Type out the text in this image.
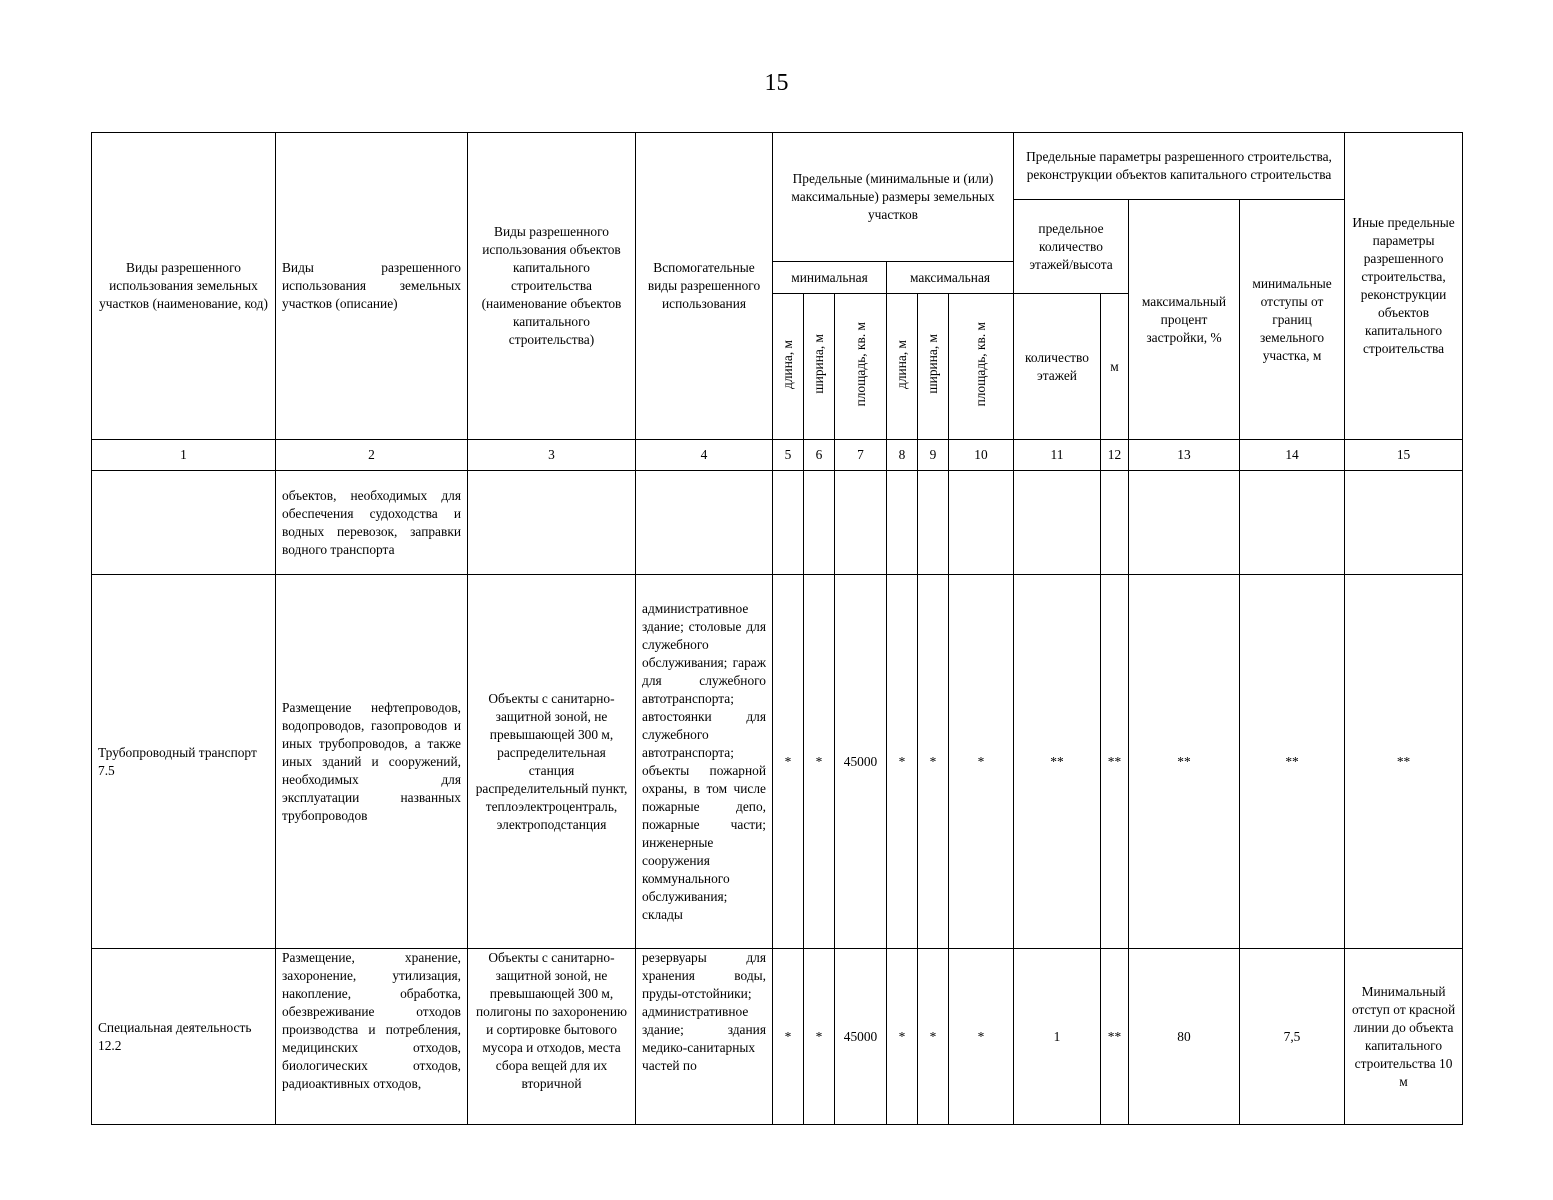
15
Виды разрешенного использования земельных участков (наименование, код)	Виды разрешенного использования земельных участков (описание)	Виды разрешенного использования объектов капитального строительства (наименование объектов капитального строительства)	Вспомогательные виды разрешенного использования	Предельные (минимальные и (или) максимальные) размеры земельных участков						Предельные параметры разрешенного строительства, реконструкции объектов капитального строительства				Иные предельные параметры разрешенного строительства, реконструкции объектов капитального строительства
										предельное количество этажей/высота		максимальный процент застройки, %	минимальные отступы от границ земельного участка, м	
				минимальная			максимальная							
				длина, м	ширина, м	площадь, кв. м	длина, м	ширина, м	площадь, кв. м	количество этажей	м			
1	2	3	4	5	6	7	8	9	10	11	12	13	14	15
	объектов, необходимых для обеспечения судоходства и водных перевозок, заправки водного транспорта													
Трубопроводный транспорт 7.5	Размещение нефтепроводов, водопроводов, газопроводов и иных трубопроводов, а также иных зданий и сооружений, необходимых для эксплуатации названных трубопроводов	Объекты с санитарно-защитной зоной, не превышающей 300 м, распределительная станция распределительный пункт, теплоэлектроцентраль, электроподстанция	административное здание; столовые для служебного обслуживания; гараж для служебного автотранспорта; автостоянки для служебного автотранспорта; объекты пожарной охраны, в том числе пожарные депо, пожарные части; инженерные сооружения коммунального обслуживания; склады	*	*	45000	*	*	*	**	**	**	**	**
Специальная деятельность 12.2	Размещение, хранение, захоронение, утилизация, накопление, обработка, обезвреживание отходов производства и потребления, медицинских отходов, биологических отходов, радиоактивных отходов,	Объекты с санитарно-защитной зоной, не превышающей 300 м, полигоны по захоронению и сортировке бытового мусора и отходов, места сбора вещей для их вторичной	резервуары для хранения воды, пруды-отстойники; административное здание; здания медико-санитарных частей по	*	*	45000	*	*	*	1	**	80	7,5	Минимальный отступ от красной линии до объекта капитального строительства 10 м
